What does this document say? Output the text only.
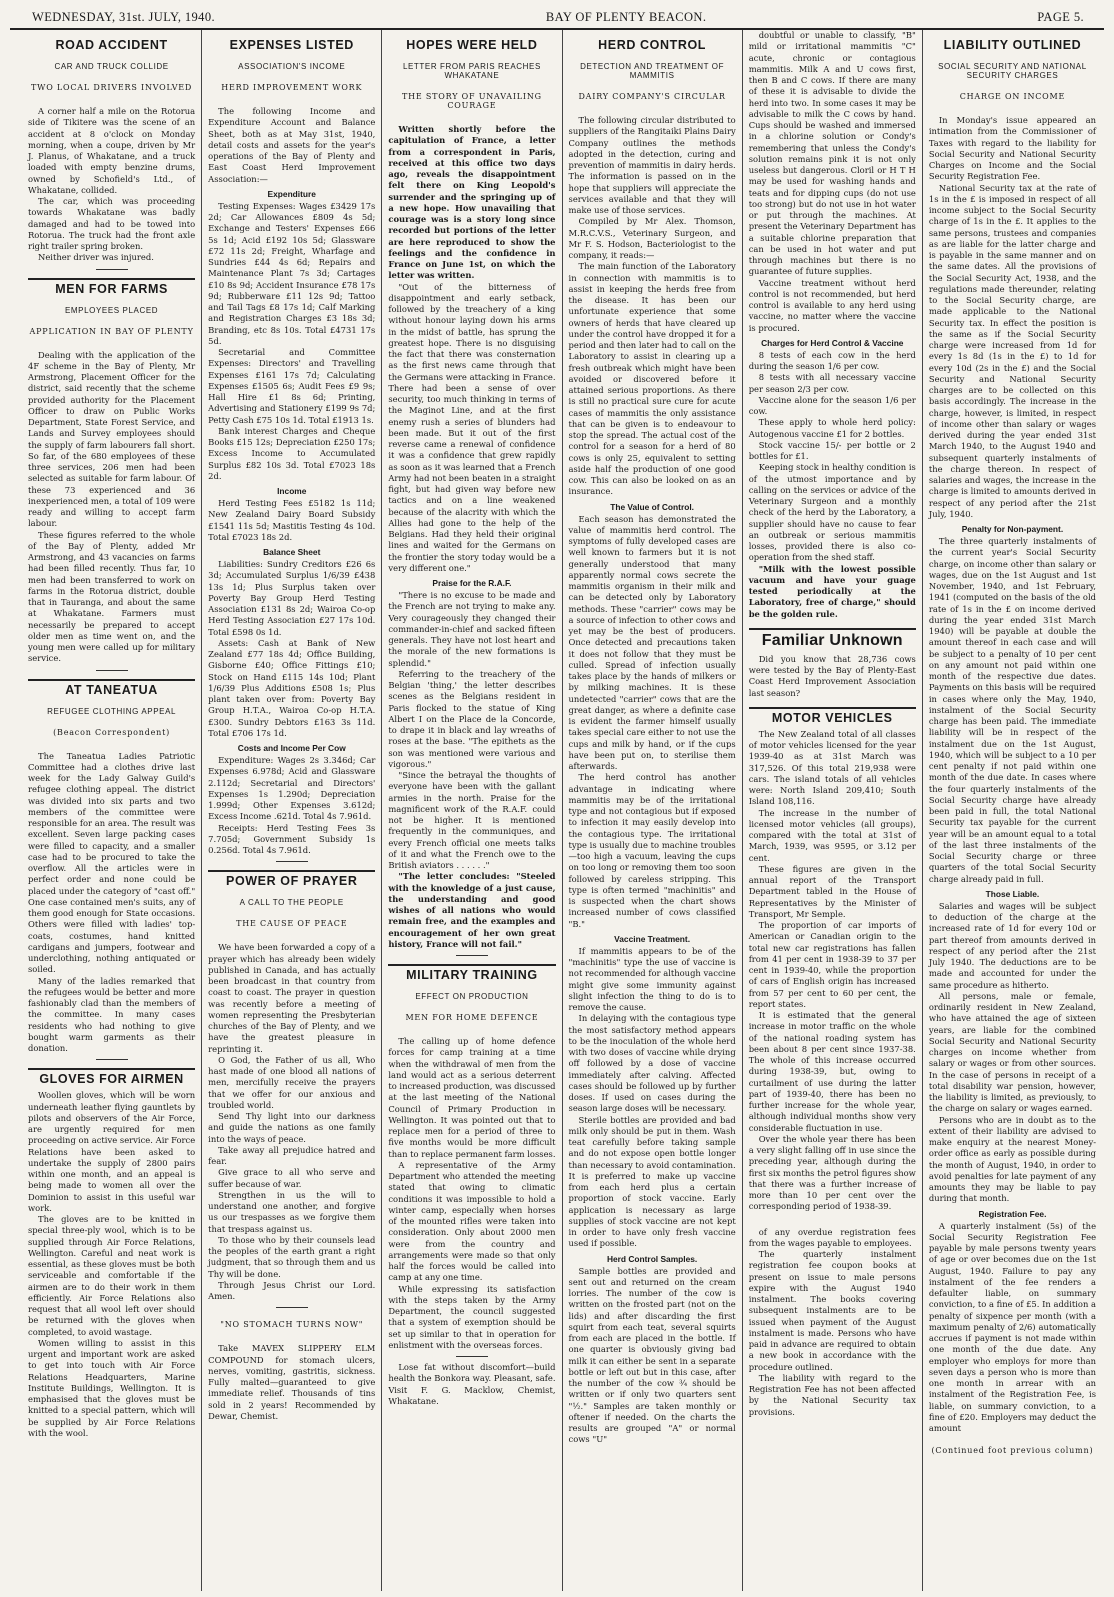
WEDNESDAY, 31st. JULY, 1940.	BAY OF PLENTY BEACON.	PAGE 5.
ROAD ACCIDENT
CAR AND TRUCK COLLIDE
TWO LOCAL DRIVERS INVOLVED

A corner half a mile on the Rotorua side of Tikitere was the scene of an accident at 8 o'clock on Monday morning, when a coupe, driven by Mr J. Planus, of Whakatane, and a truck loaded with empty benzine drums, owned by Schofield's Ltd., of Whakatane, collided.

The car, which was proceeding towards Whakatane was badly damaged and had to be towed into Rotorua. The truck had the front axle right trailer spring broken.

Neither driver was injured.

MEN FOR FARMS
EMPLOYEES PLACED
APPLICATION IN BAY OF PLENTY

Dealing with the application of the 4F scheme in the Bay of Plenty, Mr Armstrong, Placement Officer for the district, said recently that the scheme provided authority for the Placement Officer to draw on Public Works Department, State Forest Service, and Lands and Survey employees should the supply of farm labourers fall short. So far, of the 680 employees of these three services, 206 men had been selected as suitable for farm labour. Of these 73 experienced and 36 inexperienced men, a total of 109 were ready and willing to accept farm labour.

These figures referred to the whole of the Bay of Plenty, added Mr Armstrong, and 43 vacancies on farms had been filled recently. Thus far, 10 men had been transferred to work on farms in the Rotorua district, double that in Tauranga, and about the same at Whakatane. Farmers must necessarily be prepared to accept older men as time went on, and the young men were called up for military service.

AT TANEATUA
REFUGEE CLOTHING APPEAL
(Beacon Correspondent)

The Taneatua Ladies Patriotic Committee had a clothes drive last week for the Lady Galway Guild's refugee clothing appeal. The district was divided into six parts and two members of the committee were responsible for an area. The result was excellent. Seven large packing cases were filled to capacity, and a smaller case had to be procured to take the overflow. All the articles were in perfect order and none could be placed under the category of "cast off." One case contained men's suits, any of them good enough for State occasions. Others were filled with ladies' top-coats, costumes, hand knitted cardigans and jumpers, footwear and underclothing, nothing antiquated or soiled.

Many of the ladies remarked that the refugees would be better and more fashionably clad than the members of the committee. In many cases residents who had nothing to give bought warm garments as their donation.

GLOVES FOR AIRMEN

Woollen gloves, which will be worn underneath leather flying gauntlets by pilots and observers of the Air Force, are urgently required for men proceeding on active service. Air Force Relations have been asked to undertake the supply of 2800 pairs within one month, and an appeal is being made to women all over the Dominion to assist in this useful war work.

The gloves are to be knitted in special three-ply wool, which is to be supplied through Air Force Relations, Wellington. Careful and neat work is essential, as these gloves must be both serviceable and comfortable if the airmen are to do their work in them efficiently. Air Force Relations also request that all wool left over should be returned with the gloves when completed, to avoid wastage.

Women willing to assist in this urgent and important work are asked to get into touch with Air Force Relations Headquarters, Marine Institute Buildings, Wellington. It is emphasised that the gloves must be knitted to a special pattern, which will be supplied by Air Force Relations with the wool.

EXPENSES LISTED
ASSOCIATION'S INCOME
HERD IMPROVEMENT WORK

The following Income and Expenditure Account and Balance Sheet, both as at May 31st, 1940, detail costs and assets for the year's operations of the Bay of Plenty and East Coast Herd Improvement Association:—

Expenditure

Testing Expenses: Wages £3429 17s 2d; Car Allowances £809 4s 5d; Exchange and Testers' Expenses £66 5s 1d; Acid £192 10s 5d; Glassware £72 11s 2d; Freight, Wharfage and Sundries £44 4s 6d; Repairs and Maintenance Plant 7s 3d; Cartages £10 8s 9d; Accident Insurance £78 17s 9d; Rubberware £11 12s 9d; Tattoo and Tail Tags £8 17s 1d; Calf Marking and Registration Charges £3 18s 3d; Branding, etc 8s 10s. Total £4731 17s 5d.

Secretarial and Committee Expenses: Directors' and Travelling Expenses £161 17s 7d; Calculating Expenses £1505 6s; Audit Fees £9 9s; Hall Hire £1 8s 6d; Printing, Advertising and Stationery £199 9s 7d; Petty Cash £75 10s 1d. Total £1913 1s.

Bank interest Charges and Cheque Books £15 12s; Depreciation £250 17s; Excess Income to Accumulated Surplus £82 10s 3d. Total £7023 18s 2d.

Income

Herd Testing Fees £5182 1s 11d; New Zealand Dairy Board Subsidy £1541 11s 5d; Mastitis Testing 4s 10d. Total £7023 18s 2d.

Balance Sheet

Liabilities: Sundry Creditors £26 6s 3d; Accumulated Surplus 1/6/39 £438 13s 1d; Plus Surplus taken over Poverty Bay Group Herd Testing Association £131 8s 2d; Wairoa Co-op Herd Testing Association £27 17s 10d. Total £598 0s 1d.

Assets: Cash at Bank of New Zealand £77 18s 4d; Office Building, Gisborne £40; Office Fittings £10; Stock on Hand £115 14s 10d; Plant 1/6/39 Plus Additions £508 1s; Plus plant taken over from: Poverty Bay Group H.T.A., Wairoa Co-op H.T.A. £300. Sundry Debtors £163 3s 11d. Total £706 17s 1d.

Costs and Income Per Cow

Expenditure: Wages 2s 3.346d; Car Expenses 6.978d; Acid and Glassware 2.112d; Secretarial and Directors' Expenses 1s 1.290d; Depreciation 1.999d; Other Expenses 3.612d; Excess Income .621d. Total 4s 7.961d.

Receipts: Herd Testing Fees 3s 7.705d; Government Subsidy 1s 0.256d. Total 4s 7.961d.

POWER OF PRAYER
A CALL TO THE PEOPLE
THE CAUSE OF PEACE

We have been forwarded a copy of a prayer which has already been widely published in Canada, and has actually been broadcast in that country from coast to coast. The prayer in question was recently before a meeting of women representing the Presbyterian churches of the Bay of Plenty, and we have the greatest pleasure in reprinting it.

O God, the Father of us all, Who hast made of one blood all nations of men, mercifully receive the prayers that we offer for our anxious and troubled world.

Send Thy light into our darkness and guide the nations as one family into the ways of peace.

Take away all prejudice hatred and fear.

Give grace to all who serve and suffer because of war.

Strengthen in us the will to understand one another, and forgive us our trespasses as we forgive them that trespass against us.

To those who by their counsels lead the peoples of the earth grant a right judgment, that so through them and us Thy will be done.

Through Jesus Christ our Lord. Amen.

"NO STOMACH TURNS NOW"

Take MAVEX SLIPPERY ELM COMPOUND for stomach ulcers, nerves, vomiting, gastritis, sickness. Fully malted—guaranteed to give immediate relief. Thousands of tins sold in 2 years! Recommended by Dewar, Chemist.

HOPES WERE HELD
LETTER FROM PARIS REACHES WHAKATANE
THE STORY OF UNAVAILING COURAGE

Written shortly before the capitulation of France, a letter from a correspondent in Paris, received at this office two days ago, reveals the disappointment felt there on King Leopold's surrender and the springing up of a new hope. How unavailing that courage was is a story long since recorded but portions of the letter are here reproduced to show the feelings and the confidence in France on June 1st, on which the letter was written.

"Out of the bitterness of disappointment and early setback, followed by the treachery of a king without honour laying down his arms in the midst of battle, has sprung the greatest hope. There is no disguising the fact that there was consternation as the first news came through that the Germans were attacking in France. There had been a sense of over security, too much thinking in terms of the Maginot Line, and at the first enemy rush a series of blunders had been made. But it out of the first reverse came a renewal of confidence it was a confidence that grew rapidly as soon as it was learned that a French Army had not been beaten in a straight fight, but had given way before new tactics and on a line weakened because of the alacrity with which the Allies had gone to the help of the Belgians. Had they held their original lines and waited for the Germans on the frontier the story today would be a very different one."

Praise for the R.A.F.

"There is no excuse to be made and the French are not trying to make any. Very courageously they changed their commander-in-chief and sacked fifteen generals. They have not lost heart and the morale of the new formations is splendid."

Referring to the treachery of the Belgian 'thing,' the letter describes scenes as the Belgians resident in Paris flocked to the statue of King Albert I on the Place de la Concorde, to drape it in black and lay wreaths of roses at the base. "The epithets as the son was mentioned were various and vigorous."

"Since the betrayal the thoughts of everyone have been with the gallant armies in the north. Praise for the magnificent work of the R.A.F. could not be higher. It is mentioned frequently in the communiques, and every French official one meets talks of it and what the French owe to the British aviators . . . . . ."

"The letter concludes: "Steeled with the knowledge of a just cause, the understanding and good wishes of all nations who would remain free, and the examples and encouragement of her own great history, France will not fail."

MILITARY TRAINING
EFFECT ON PRODUCTION
MEN FOR HOME DEFENCE

The calling up of home defence forces for camp training at a time when the withdrawal of men from the land would act as a serious deterrent to increased production, was discussed at the last meeting of the National Council of Primary Production in Wellington. It was pointed out that to replace men for a period of three to five months would be more difficult than to replace permanent farm losses.

A representative of the Army Department who attended the meeting stated that owing to climatic conditions it was impossible to hold a winter camp, especially when horses of the mounted rifles were taken into consideration. Only about 2000 men were from the country and arrangements were made so that only half the forces would be called into camp at any one time.

While expressing its satisfaction with the steps taken by the Army Department, the council suggested that a system of exemption should be set up similar to that in operation for enlistment with the overseas forces.

Lose fat without discomfort—build health the Bonkora way. Pleasant, safe. Visit F. G. Macklow, Chemist, Whakatane.

HERD CONTROL
DETECTION AND TREATMENT OF MAMMITIS
DAIRY COMPANY'S CIRCULAR

The following circular distributed to suppliers of the Rangitaiki Plains Dairy Company outlines the methods adopted in the detection, curing and prevention of mammitis in dairy herds. The information is passed on in the hope that suppliers will appreciate the services available and that they will make use of those services.

Compiled by Mr Alex. Thomson, M.R.C.V.S., Veterinary Surgeon, and Mr F. S. Hodson, Bacteriologist to the company, it reads:—

The main function of the Laboratory in connection with mammitis is to assist in keeping the herds free from the disease. It has been our unfortunate experience that some owners of herds that have cleared up under the control have dropped it for a period and then later had to call on the Laboratory to assist in clearing up a fresh outbreak which might have been avoided or discovered before it attained serious proportions. As there is still no practical sure cure for acute cases of mammitis the only assistance that can be given is to endeavour to stop the spread. The actual cost of the control for a season for a herd of 80 cows is only 25, equivalent to setting aside half the production of one good cow. This can also be looked on as an insurance.

The Value of Control.

Each season has demonstrated the value of mammitis herd control. The symptoms of fully developed cases are well known to farmers but it is not generally understood that many apparently normal cows secrete the mammitis organism in their milk and can be detected only by Laboratory methods. These "carrier" cows may be a source of infection to other cows and yet may be the best of producers. Once detected and precautions taken it does not follow that they must be culled. Spread of infection usually takes place by the hands of milkers or by milking machines. It is these undetected "carrier" cows that are the great danger, as where a definite case is evident the farmer himself usually takes special care either to not use the cups and milk by hand, or if the cups have been put on, to sterilise them afterwards.

The herd control has another advantage in indicating where mammitis may be of the irritational type and not contagious but if exposed to infection it may easily develop into the contagious type. The irritational type is usually due to machine troubles—too high a vacuum, leaving the cups on too long or removing them too soon followed by careless stripping. This type is often termed "machinitis" and is suspected when the chart shows increased number of cows classified "B."

Vaccine Treatment.

If mammitis appears to be of the "machinitis" type the use of vaccine is not recommended for although vaccine might give some immunity against slight infection the thing to do is to remove the cause.

In delaying with the contagious type the most satisfactory method appears to be the inoculation of the whole herd with two doses of vaccine while drying off followed by a dose of vaccine immediately after calving. Affected cases should be followed up by further doses. If used on cases during the season large doses will be necessary.

Sterile bottles are provided and bad milk only should be put in them. Wash teat carefully before taking sample and do not expose open bottle longer than necessary to avoid contamination. It is preferred to make up vaccine from each herd plus a certain proportion of stock vaccine. Early application is necessary as large supplies of stock vaccine are not kept in order to have only fresh vaccine used if possible.

Herd Control Samples.

Sample bottles are provided and sent out and returned on the cream lorries. The number of the cow is written on the frosted part (not on the lids) and after discarding the first squirt from each teat, several squirts from each are placed in the bottle. If one quarter is obviously giving bad milk it can either be sent in a separate bottle or left out but in this case, after the number of the cow ¾ should be written or if only two quarters sent "½." Samples are taken monthly or oftener if needed. On the charts the results are grouped "A" or normal cows "U"

doubtful or unable to classify, "B" mild or irritational mammitis "C" acute, chronic or contagious mammitis. Milk A and U cows first, then B and C cows. If there are many of these it is advisable to divide the herd into two. In some cases it may be advisable to milk the C cows by hand. Cups should be washed and immersed in a chlorine solution or Condy's remembering that unless the Condy's solution remains pink it is not only useless but dangerous. Cloril or H T H may be used for washing hands and teats and for dipping cups (do not use too strong) but do not use in hot water or put through the machines. At present the Veterinary Department has a suitable chlorine preparation that can be used in hot water and put through machines but there is no guarantee of future supplies.

Vaccine treatment without herd control is not recommended, but herd control is available to any herd using vaccine, no matter where the vaccine is procured.

Charges for Herd Control & Vaccine

8 tests of each cow in the herd during the season 1/6 per cow.

8 tests with all necessary vaccine per season 2/3 per cow.

Vaccine alone for the season 1/6 per cow.

These apply to whole herd policy: Autogenous vaccine £1 for 2 bottles.

Stock vaccine 15/- per bottle or 2 bottles for £1.

Keeping stock in healthy condition is of the utmost importance and by calling on the services or advice of the Veterinary Surgeon and a monthly check of the herd by the Laboratory, a supplier should have no cause to fear an outbreak or serious mammitis losses, provided there is also co-operation from the shed staff.

"Milk with the lowest possible vacuum and have your guage tested periodically at the Laboratory, free of charge," should be the golden rule.

Familiar Unknown

Did you know that 28,736 cows were tested by the Bay of Plenty-East Coast Herd Improvement Association last season?

MOTOR VEHICLES

The New Zealand total of all classes of motor vehicles licensed for the year 1939-40 as at 31st March was 317,526. Of this total 219,938 were cars. The island totals of all vehicles were: North Island 209,410; South Island 108,116.

The increase in the number of licensed motor vehicles (all groups), compared with the total at 31st of March, 1939, was 9595, or 3.12 per cent.

These figures are given in the annual report of the Transport Department tabled in the House of Representatives by the Minister of Transport, Mr Semple.

The proportion of car imports of American or Canadian origin to the total new car registrations has fallen from 41 per cent in 1938-39 to 37 per cent in 1939-40, while the proportion of cars of English origin has increased from 57 per cent to 60 per cent, the report states.

It is estimated that the general increase in motor traffic on the whole of the national roading system has been about 8 per cent since 1937-38. The whole of this increase occurred during 1938-39, but, owing to curtailment of use during the latter part of 1939-40, there has been no further increase for the whole year, although individual months show very considerable fluctuation in use.

Over the whole year there has been a very slight falling off in use since the preceding year, although during the first six months the petrol figures show that there was a further increase of more than 10 per cent over the corresponding period of 1938-39.

of any overdue registration fees from the wages payable to employees.

The quarterly instalment registration fee coupon books at present on issue to male persons expire with the August 1940 instalment. The books covering subsequent instalments are to be issued when payment of the August instalment is made. Persons who have paid in advance are required to obtain a new book in accordance with the procedure outlined.

The liability with regard to the Registration Fee has not been affected by the National Security tax provisions.

LIABILITY OUTLINED
SOCIAL SECURITY AND NATIONAL SECURITY CHARGES
CHARGE ON INCOME

In Monday's issue appeared an intimation from the Commissioner of Taxes with regard to the liability for Social Security and National Security Charges on Income and the Social Security Registration Fee.

National Security tax at the rate of 1s in the £ is imposed in respect of all income subject to the Social Security charge of 1s in the £. It applies to the same persons, trustees and companies as are liable for the latter charge and is payable in the same manner and on the same dates. All the provisions of the Social Security Act, 1938, and the regulations made thereunder, relating to the Social Security charge, are made applicable to the National Security tax. In effect the position is the same as if the Social Security charge were increased from 1d for every 1s 8d (1s in the £) to 1d for every 10d (2s in the £) and the Social Security and National Security charges are to be collected on this basis accordingly. The increase in the charge, however, is limited, in respect of income other than salary or wages derived during the year ended 31st March 1940, to the August 1940 and subsequent quarterly instalments of the charge thereon. In respect of salaries and wages, the increase in the charge is limited to amounts derived in respect of any period after the 21st July, 1940.

Penalty for Non-payment.

The three quarterly instalments of the current year's Social Security charge, on income other than salary or wages, due on the 1st August and 1st November, 1940, and 1st February, 1941 (computed on the basis of the old rate of 1s in the £ on income derived during the year ended 31st March 1940) will be payable at double the amount thereof in each case and will be subject to a penalty of 10 per cent on any amount not paid within one month of the respective due dates. Payments on this basis will be required in cases where only the May, 1940, instalment of the Social Security charge has been paid. The immediate liability will be in respect of the instalment due on the 1st August, 1940, which will be subject to a 10 per cent penalty if not paid within one month of the due date. In cases where the four quarterly instalments of the Social Security charge have already been paid in full, the total National Security tax payable for the current year will be an amount equal to a total of the last three instalments of the Social Security charge or three quarters of the total Social Security charge already paid in full.

Those Liable.

Salaries and wages will be subject to deduction of the charge at the increased rate of 1d for every 10d or part thereof from amounts derived in respect of any period after the 21st July 1940. The deductions are to be made and accounted for under the same procedure as hitherto.

All persons, male or female, ordinarily resident in New Zealand, who have attained the age of sixteen years, are liable for the combined Social Security and National Security charges on income whether from salary or wages or from other sources. In the case of persons in receipt of a total disability war pension, however, the liability is limited, as previously, to the charge on salary or wages earned.

Persons who are in doubt as to the extent of their liability are advised to make enquiry at the nearest Money-order office as early as possible during the month of August, 1940, in order to avoid penalties for late payment of any amounts they may be liable to pay during that month.

Registration Fee.

A quarterly instalment (5s) of the Social Security Registration Fee payable by male persons twenty years of age or over becomes due on the 1st August, 1940. Failure to pay any instalment of the fee renders a defaulter liable, on summary conviction, to a fine of £5. In addition a penalty of sixpence per month (with a maximum penalty of 2/6) automatically accrues if payment is not made within one month of the due date. Any employer who employs for more than seven days a person who is more than one month in arrear with an instalment of the Registration Fee, is liable, on summary conviction, to a fine of £20. Employers may deduct the amount

(Continued foot previous column)
